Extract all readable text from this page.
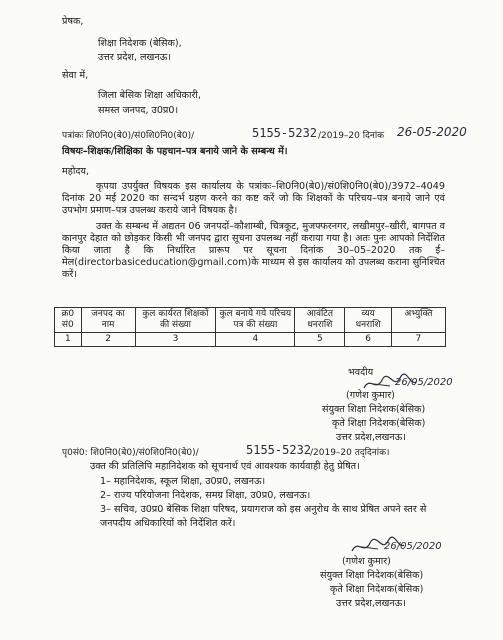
प्रेषक,
शिक्षा निदेशक (बेसिक),
उत्तर प्रदेश, लखनऊ।
सेवा में,
जिला बेसिक शिक्षा अधिकारी,
समस्त जनपद, उ0प्र0।
पत्रांकः शि0नि0(बे0)/सं0शि0नि0(बे0)/	5155-5232 /2019–20 दिनांक 26-05-2020
विषयः–शिक्षक/शिक्षिका के पहचान–पत्र बनाये जाने के सम्बन्ध में।
महोदय,
कृपया उपर्युक्त विषयक इस कार्यालय के पत्रांकः–शि0नि0(बे0)/सं0शि0नि0(बे0)/3972–4049 दिनांक 20 मई 2020 का सन्दर्भ ग्रहण करने का कष्ट करें जो कि शिक्षकों के परिचय–पत्र बनाये जाने एवं उपभोग प्रमाण–पत्र उपलब्ध कराये जाने विषयक है।
उक्त के सम्बन्ध में अद्यतन 06 जनपदों–कौशाम्बी, चित्रकूट, मुजफ्फरनगर, लखीमपुर–खीरी, बागपत व कानपुर देहात को छोड़कर किसी भी जनपद द्वारा सूचना उपलब्ध नहीं कराया गया है। अतः पुनः आपको निर्देशित किया जाता है कि निर्धारित प्रारूप पर सूचना दिनांक 30–05–2020 तक ई–मेल(directorbasiceducation@gmail.com)के माध्यम से इस कार्यालय को उपलब्ध कराना सुनिश्चित करें।
क्र0 सं0	जनपद का नाम	कुल कार्यरत शिक्षकों की संख्या	कुल बनाये गये परिचय पत्र की संख्या	आवंटित धनराशि	व्यय धनराशि	अभ्युक्ति
1	2	3	4	5	6	7
भवदीय
26/05/2020
(गणेश कुमार)
संयुक्त शिक्षा निदेशक(बेसिक)
कृते शिक्षा निदेशक(बेसिक)
उत्तर प्रदेश,लखनऊ।
पृ0सं0: शि0नि0(बे0)/सं0शि0नि0(बे0)/	5155-5232
/2019–20 तद्‌दिनांक।
उक्त की प्रतिलिपि महानिदेशक को सूचनार्थ एवं आवश्यक कार्यवाही हेतु प्रेषित।
1– महानिदेशक, स्कूल शिक्षा, उ0प्र0, लखनऊ।
2– राज्य परियोजना निदेशक, समग्र शिक्षा, उ0प्र0, लखनऊ।
3– सचिव, उ0प्र0 बेसिक शिक्षा परिषद, प्रयागराज को इस अनुरोध के साथ प्रेषित अपने स्तर से
जनपदीय अधिकारियों को निर्देशित करें।
26/05/2020
(गणेश कुमार)
संयुक्त शिक्षा निदेशक(बेसिक)
कृते शिक्षा निदेशक(बेसिक)
उत्तर प्रदेश,लखनऊ।
